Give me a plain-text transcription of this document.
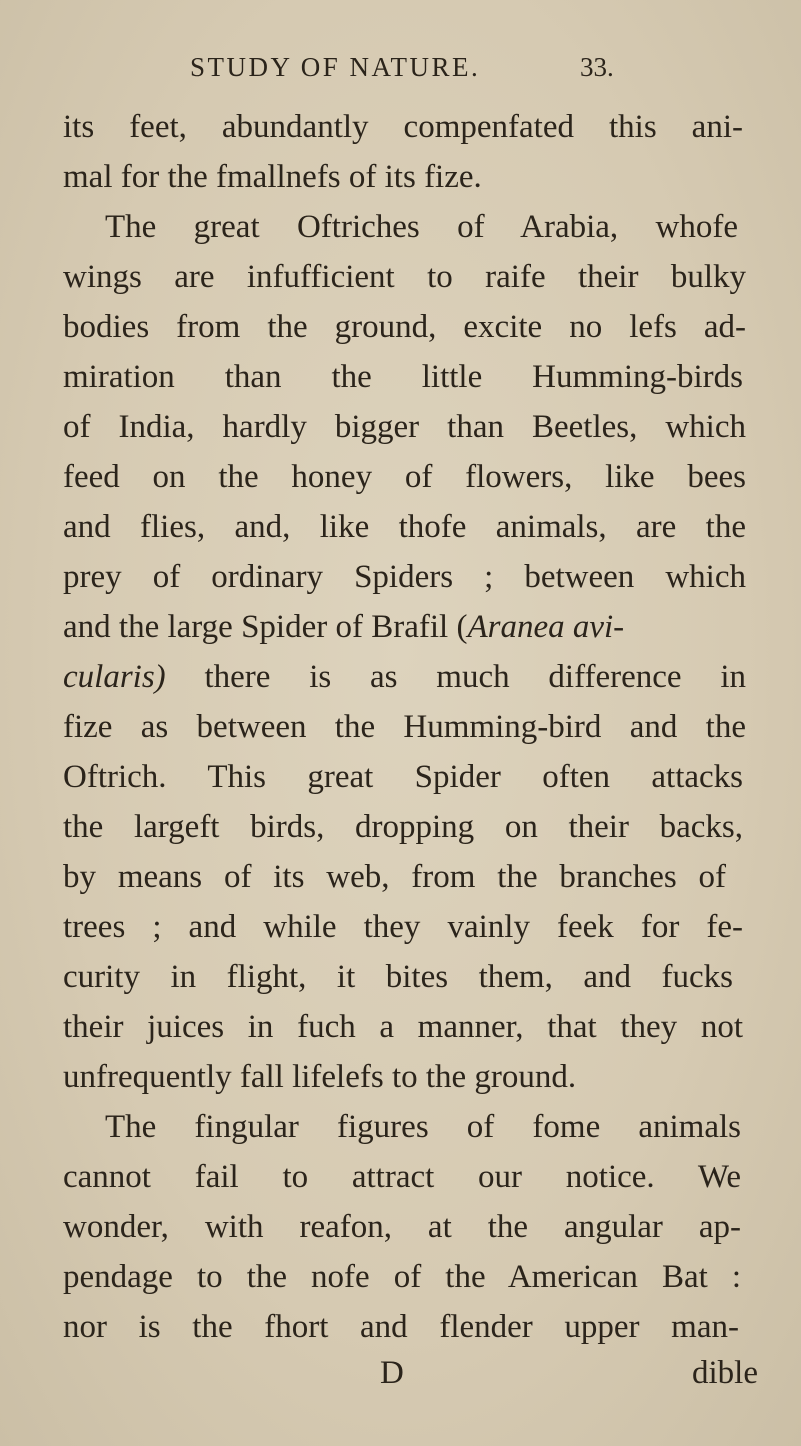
STUDY OF NATURE.	33.
its feet, abundantly compenfated this ani-
mal for the fmallnefs of its fize.
The great Oftriches of Arabia, whofe
wings are infufficient to raife their bulky
bodies from the ground, excite no lefs ad-
miration than the little Humming-birds
of India, hardly bigger than Beetles, which
feed on the honey of flowers, like bees
and flies, and, like thofe animals, are the
prey of ordinary Spiders ; between which
and the large Spider of Brafil (Aranea avi-
cularis) there is as much difference in
fize as between the Humming-bird and the
Oftrich. This great Spider often attacks
the largeft birds, dropping on their backs,
by means of its web, from the branches of
trees ; and while they vainly feek for fe-
curity in flight, it bites them, and fucks
their juices in fuch a manner, that they not
unfrequently fall lifelefs to the ground.
The fingular figures of fome animals
cannot fail to attract our notice. We
wonder, with reafon, at the angular ap-
pendage to the nofe of the American Bat :
nor is the fhort and flender upper man-
D	dible
